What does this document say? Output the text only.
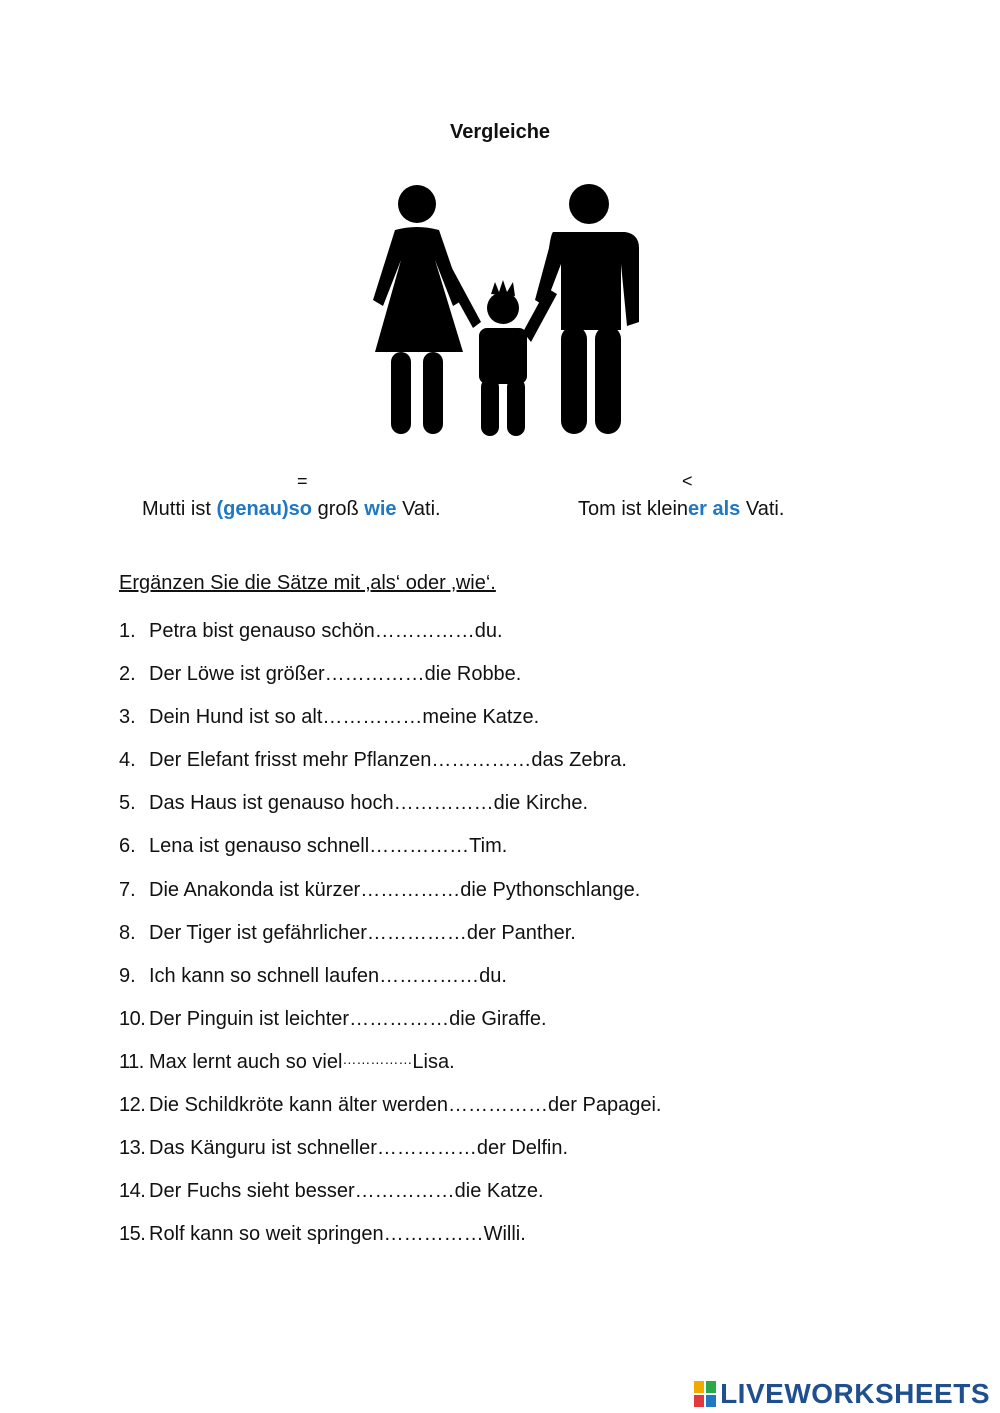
Vergleiche
=	<
Mutti ist (genau)so groß wie Vati.	Tom ist kleiner als Vati.
Ergänzen Sie die Sätze mit ‚als‘ oder ‚wie‘.
1. Petra bist genauso schön …………… du.
2. Der Löwe ist größer …………… die Robbe.
3. Dein Hund ist so alt …………… meine Katze.
4. Der Elefant frisst mehr Pflanzen …………… das Zebra.
5. Das Haus ist genauso hoch …………… die Kirche.
6. Lena ist genauso schnell …………… Tim.
7. Die Anakonda ist kürzer …………… die Pythonschlange.
8. Der Tiger ist gefährlicher …………… der Panther.
9. Ich kann so schnell laufen …………… du.
10. Der Pinguin ist leichter …………… die Giraffe.
11. Max lernt auch so viel …………… Lisa.
12. Die Schildkröte kann älter werden …………… der Papagei.
13. Das Känguru ist schneller …………… der Delfin.
14. Der Fuchs sieht besser …………… die Katze.
15. Rolf kann so weit springen …………… Willi.
LIVEWORKSHEETS
